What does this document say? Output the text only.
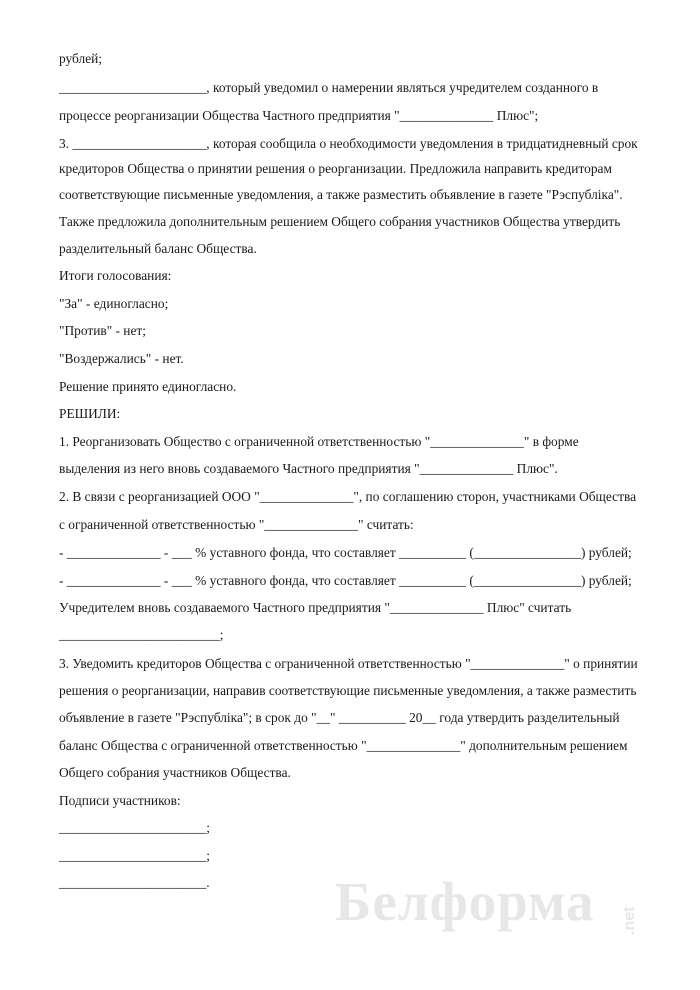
рублей;
______________________, который уведомил о намерении являться учредителем созданного в
процессе реорганизации Общества Частного предприятия "______________ Плюс";
3. ____________________, которая сообщила о необходимости уведомления в тридцатидневный срок
кредиторов Общества о принятии решения о реорганизации. Предложила направить кредиторам
соответствующие письменные уведомления, а также разместить объявление в газете "Рэспублiка".
Также предложила дополнительным решением Общего собрания участников Общества утвердить
разделительный баланс Общества.
Итоги голосования:
"За" - единогласно;
"Против" - нет;
"Воздержались" - нет.
Решение принято единогласно.
РЕШИЛИ:
1. Реорганизовать Общество с ограниченной ответственностью "______________" в форме
выделения из него вновь создаваемого Частного предприятия "______________ Плюс".
2. В связи с реорганизацией ООО "______________", по соглашению сторон, участниками Общества
с ограниченной ответственностью "______________" считать:
- ______________ - ___ % уставного фонда, что составляет __________ (________________) рублей;
- ______________ - ___ % уставного фонда, что составляет __________ (________________) рублей;
Учредителем вновь создаваемого Частного предприятия "______________ Плюс" считать
________________________;
3. Уведомить кредиторов Общества с ограниченной ответственностью "______________" о принятии
решения о реорганизации, направив соответствующие письменные уведомления, а также разместить
объявление в газете "Рэспублiка"; в срок до "__" __________ 20__ года утвердить разделительный
баланс Общества с ограниченной ответственностью "______________" дополнительным решением
Общего собрания участников Общества.
Подписи участников:
______________________;
______________________;
______________________. Белформа .net
